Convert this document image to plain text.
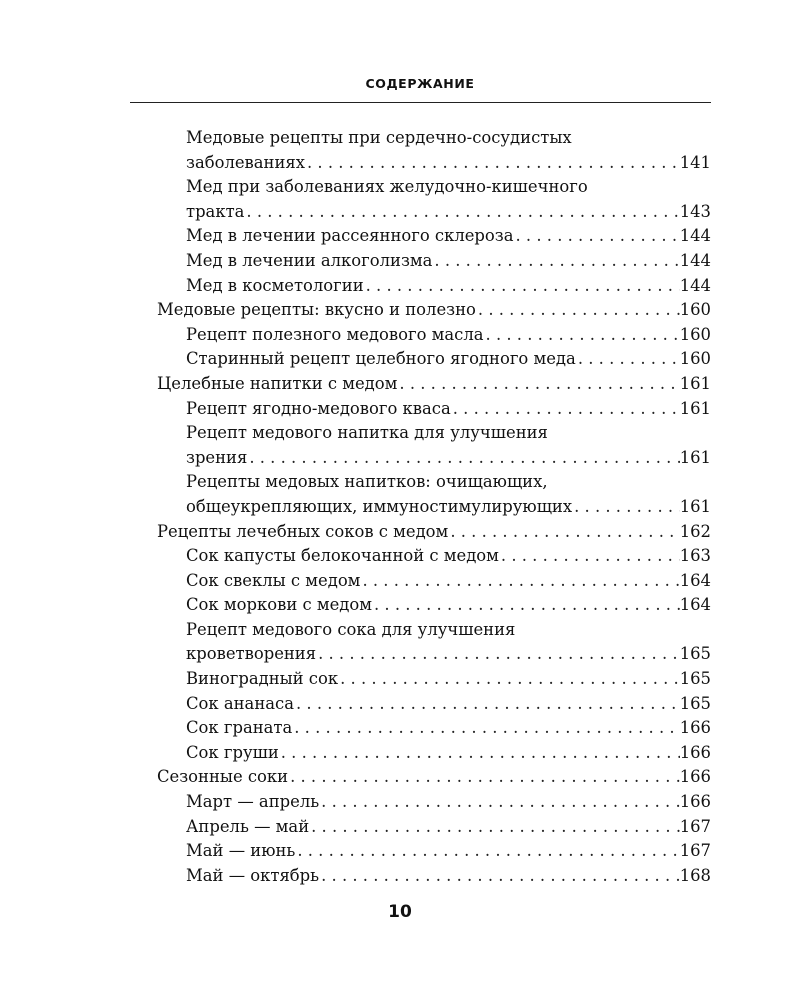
СОДЕРЖАНИЕ
Медовые рецепты при сердечно-сосудистых
заболеваниях . . .	141
Мед при заболеваниях желудочно-кишечного
тракта . . .	143
Мед в лечении рассеянного склероза . . .	144
Мед в лечении алкоголизма . . .	144
Мед в косметологии . . .	144
Медовые рецепты: вкусно и полезно . . .	160
Рецепт полезного медового масла . . .	160
Старинный рецепт целебного ягодного меда . . .	160
Целебные напитки с медом . . .	161
Рецепт ягодно-медового кваса . . .	161
Рецепт медового напитка для улучшения
зрения . . .	161
Рецепты медовых напитков: очищающих,
общеукрепляющих, иммуностимулирующих . . .	161
Рецепты лечебных соков с медом . . .	162
Сок капусты белокочанной с медом . . .	163
Сок свеклы с медом . . .	164
Сок моркови с медом . . .	164
Рецепт медового сока для улучшения
кроветворения . . .	165
Виноградный сок . . .	165
Сок ананаса . . .	165
Сок граната . . .	166
Сок груши . . .	166
Сезонные соки . . .	166
Март — апрель . . .	166
Апрель — май . . .	167
Май — июнь . . .	167
Май — октябрь . . .	168
10
